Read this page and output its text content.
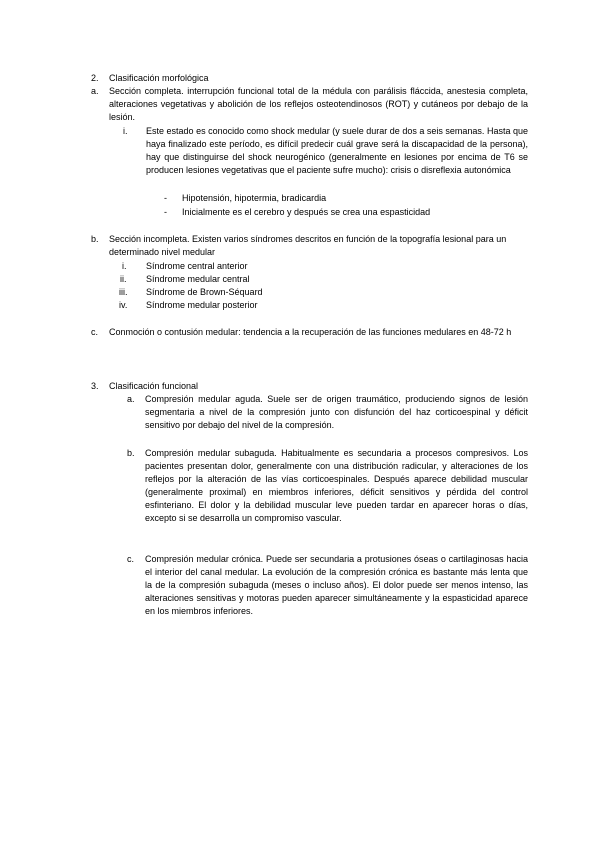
2. Clasificación morfológica
a. Sección completa. interrupción funcional total de la médula con parálisis fláccida, anestesia completa, alteraciones vegetativas y abolición de los reflejos osteotendinosos (ROT) y cutáneos por debajo de la lesión.

i. Este estado es conocido como shock medular (y suele durar de dos a seis semanas. Hasta que haya finalizado este período, es difícil predecir cuál grave será la discapacidad de la persona), hay que distinguirse del shock neurogénico (generalmente en lesiones por encima de T6 se producen lesiones vegetativas que el paciente sufre mucho): crisis o disreflexia autonómica

- Hipotensión, hipotermia, bradicardia
- Inicialmente es el cerebro y después se crea una espasticidad
b. Sección incompleta. Existen varios síndromes descritos en función de la topografía lesional para un determinado nivel medular

i. Síndrome central anterior
ii. Síndrome medular central
iii. Síndrome de Brown-Séquard
iv. Síndrome medular posterior
c. Conmoción o contusión medular: tendencia a la recuperación de las funciones medulares en 48-72 h

3. Clasificación funcional
a. Compresión medular aguda. Suele ser de origen traumático, produciendo signos de lesión segmentaria a nivel de la compresión junto con disfunción del haz corticoespinal y déficit sensitivo por debajo del nivel de la compresión.

b. Compresión medular subaguda. Habitualmente es secundaria a procesos compresivos. Los pacientes presentan dolor, generalmente con una distribución radicular, y alteraciones de los reflejos por la alteración de las vías corticoespinales. Después aparece debilidad muscular (generalmente proximal) en miembros inferiores, déficit sensitivos y pérdida del control esfinteriano. El dolor y la debilidad muscular leve pueden tardar en aparecer horas o días, excepto si se desarrolla un compromiso vascular.

c. Compresión medular crónica. Puede ser secundaria a protusiones óseas o cartilaginosas hacia el interior del canal medular. La evolución de la compresión crónica es bastante más lenta que la de la compresión subaguda (meses o incluso años). El dolor puede ser menos intenso, las alteraciones sensitivas y motoras pueden aparecer simultáneamente y la espasticidad aparece en los miembros inferiores.
